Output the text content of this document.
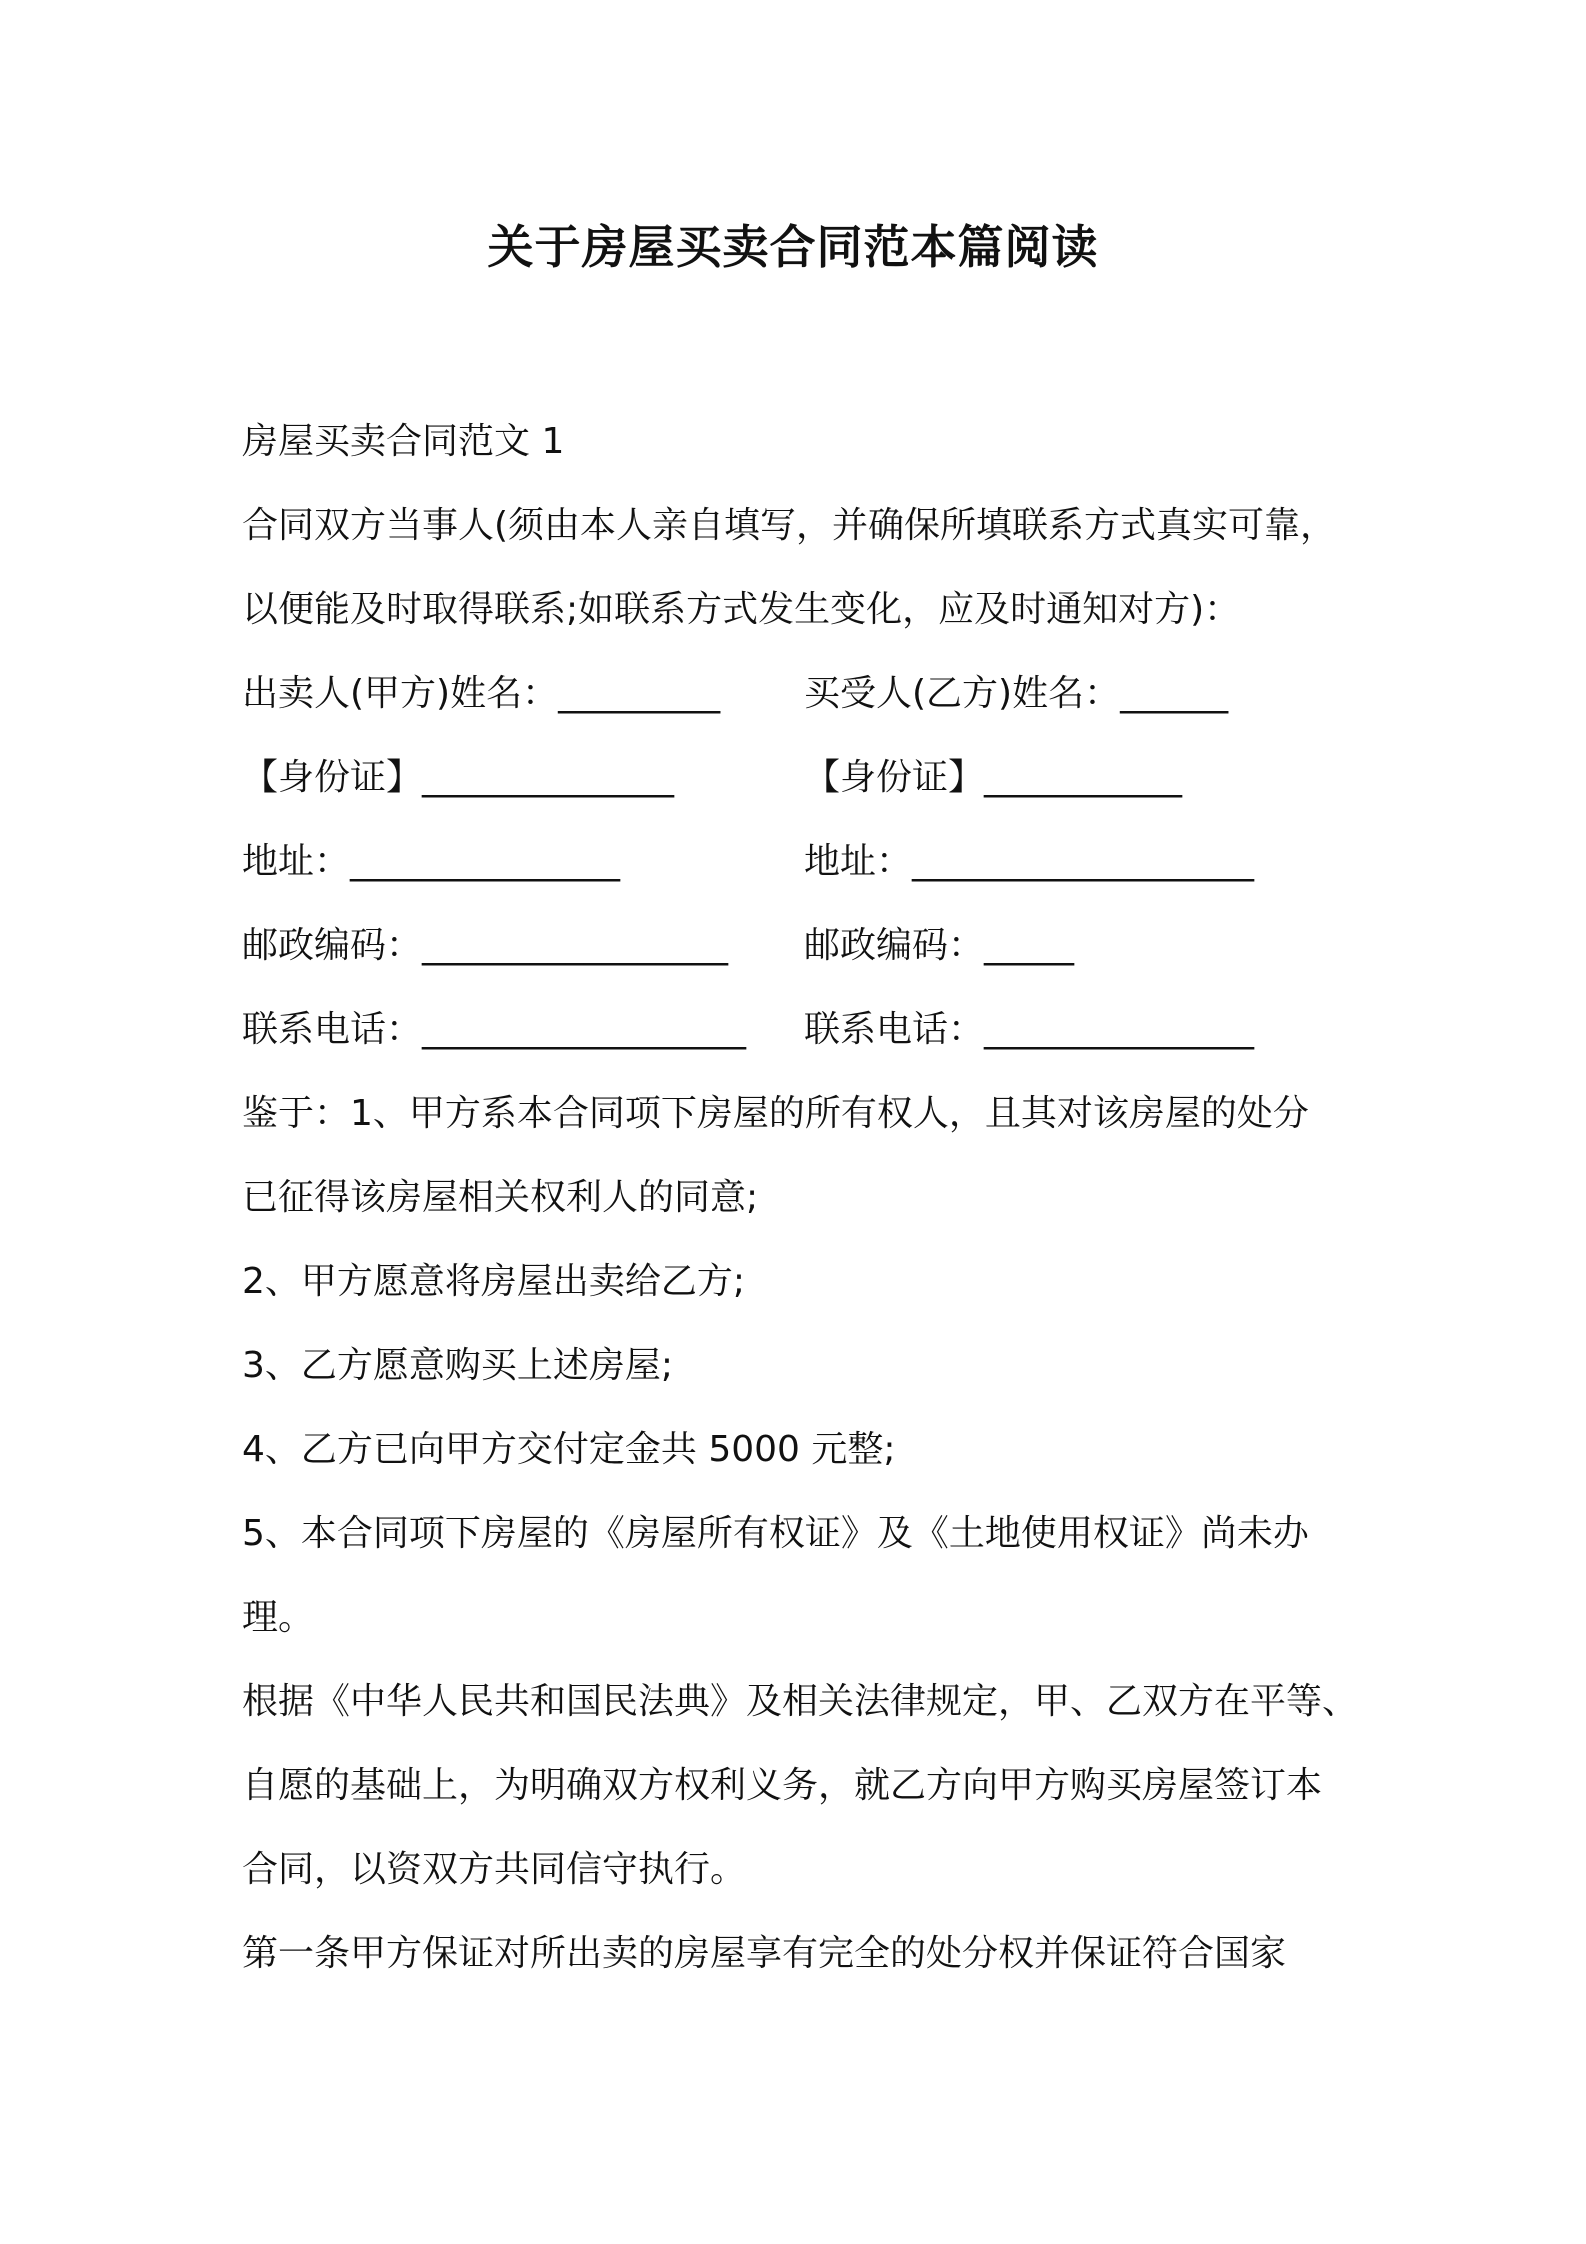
关于房屋买卖合同范本篇阅读

房屋买卖合同范文 1

合同双方当事人(须由本人亲自填写，并确保所填联系方式真实可靠，

以便能及时取得联系;如联系方式发生变化，应及时通知对方)：

出卖人(甲方)姓名：_________	买受人(乙方)姓名：______
【身份证】______________	【身份证】___________
地址：_______________	地址：___________________
邮政编码：_________________	邮政编码：_____
联系电话：__________________	联系电话：_______________

鉴于：1、甲方系本合同项下房屋的所有权人，且其对该房屋的处分

已征得该房屋相关权利人的同意;

2、甲方愿意将房屋出卖给乙方;

3、乙方愿意购买上述房屋;

4、乙方已向甲方交付定金共 5000 元整;

5、本合同项下房屋的《房屋所有权证》及《土地使用权证》尚未办

理。

根据《中华人民共和国民法典》及相关法律规定，甲、乙双方在平等、

自愿的基础上，为明确双方权利义务，就乙方向甲方购买房屋签订本

合同，以资双方共同信守执行。

第一条甲方保证对所出卖的房屋享有完全的处分权并保证符合国家
